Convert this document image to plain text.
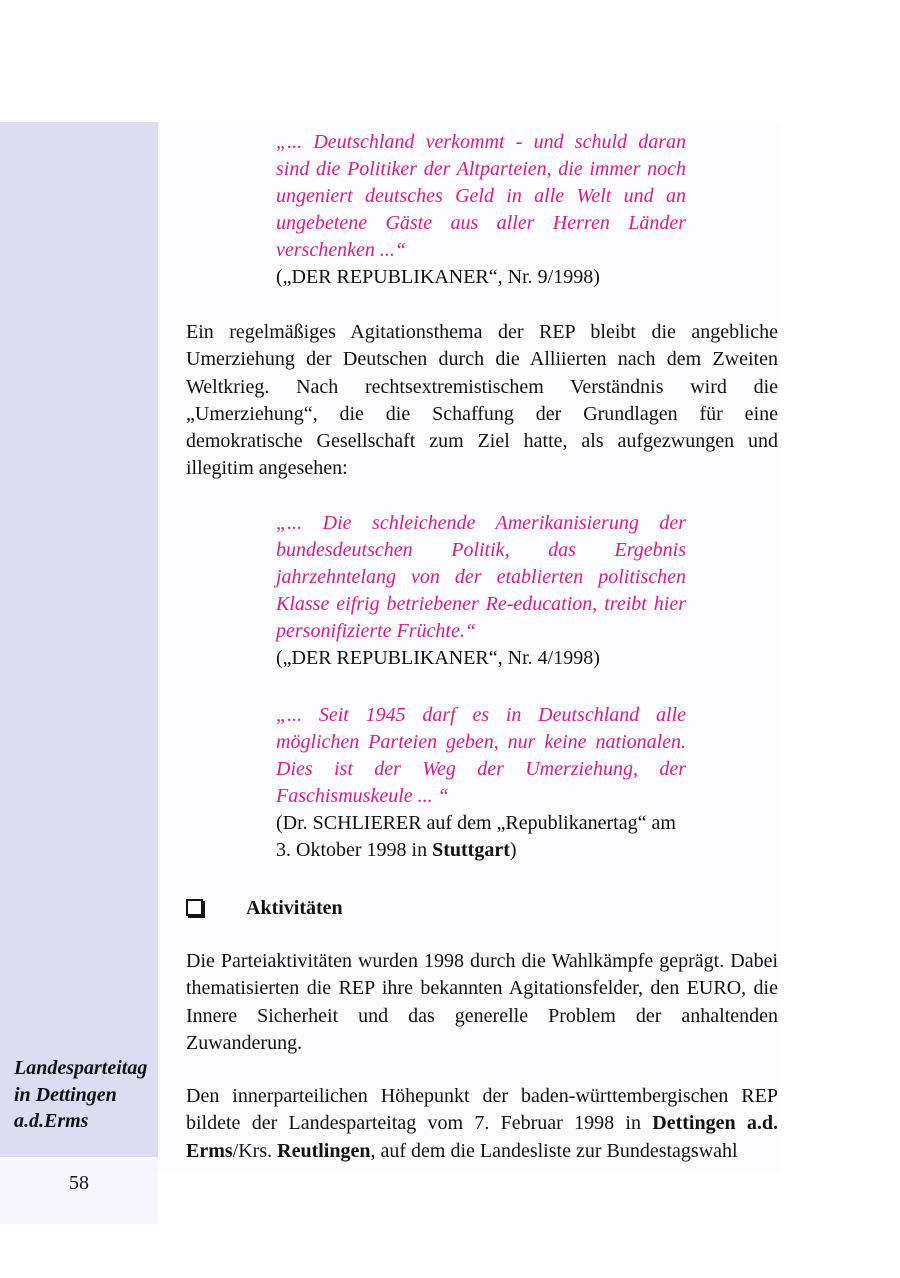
„... Deutschland verkommt - und schuld daran sind die Politiker der Altparteien, die immer noch ungeniert deutsches Geld in alle Welt und an ungebetene Gäste aus aller Herren Länder verschenken ...“
(„DER REPUBLIKANER“, Nr. 9/1998)
Ein regelmäßiges Agitationsthema der REP bleibt die angebliche Umerziehung der Deutschen durch die Alliierten nach dem Zweiten Weltkrieg. Nach rechtsextremistischem Verständnis wird die „Umerziehung“, die die Schaffung der Grundlagen für eine demokratische Gesellschaft zum Ziel hatte, als aufgezwungen und illegitim angesehen:
„... Die schleichende Amerikanisierung der bundesdeutschen Politik, das Ergebnis jahrzehntelang von der etablierten politischen Klasse eifrig betriebener Re-education, treibt hier personifizierte Früchte.“
(„DER REPUBLIKANER“, Nr. 4/1998)
„... Seit 1945 darf es in Deutschland alle möglichen Parteien geben, nur keine nationalen. Dies ist der Weg der Umerziehung, der Faschismuskeule ... “
(Dr. SCHLIERER auf dem „Republikanertag“ am 3. Oktober 1998 in Stuttgart)
Aktivitäten
Die Parteiaktivitäten wurden 1998 durch die Wahlkämpfe geprägt. Dabei thematisierten die REP ihre bekannten Agitationsfelder, den EURO, die Innere Sicherheit und das generelle Problem der anhaltenden Zuwanderung.
Den innerparteilichen Höhepunkt der baden-württembergischen REP bildete der Landesparteitag vom 7. Februar 1998 in Dettingen a.d. Erms/Krs. Reutlingen, auf dem die Landesliste zur Bundestagswahl
Landesparteitag in Dettingen a.d.Erms
58
